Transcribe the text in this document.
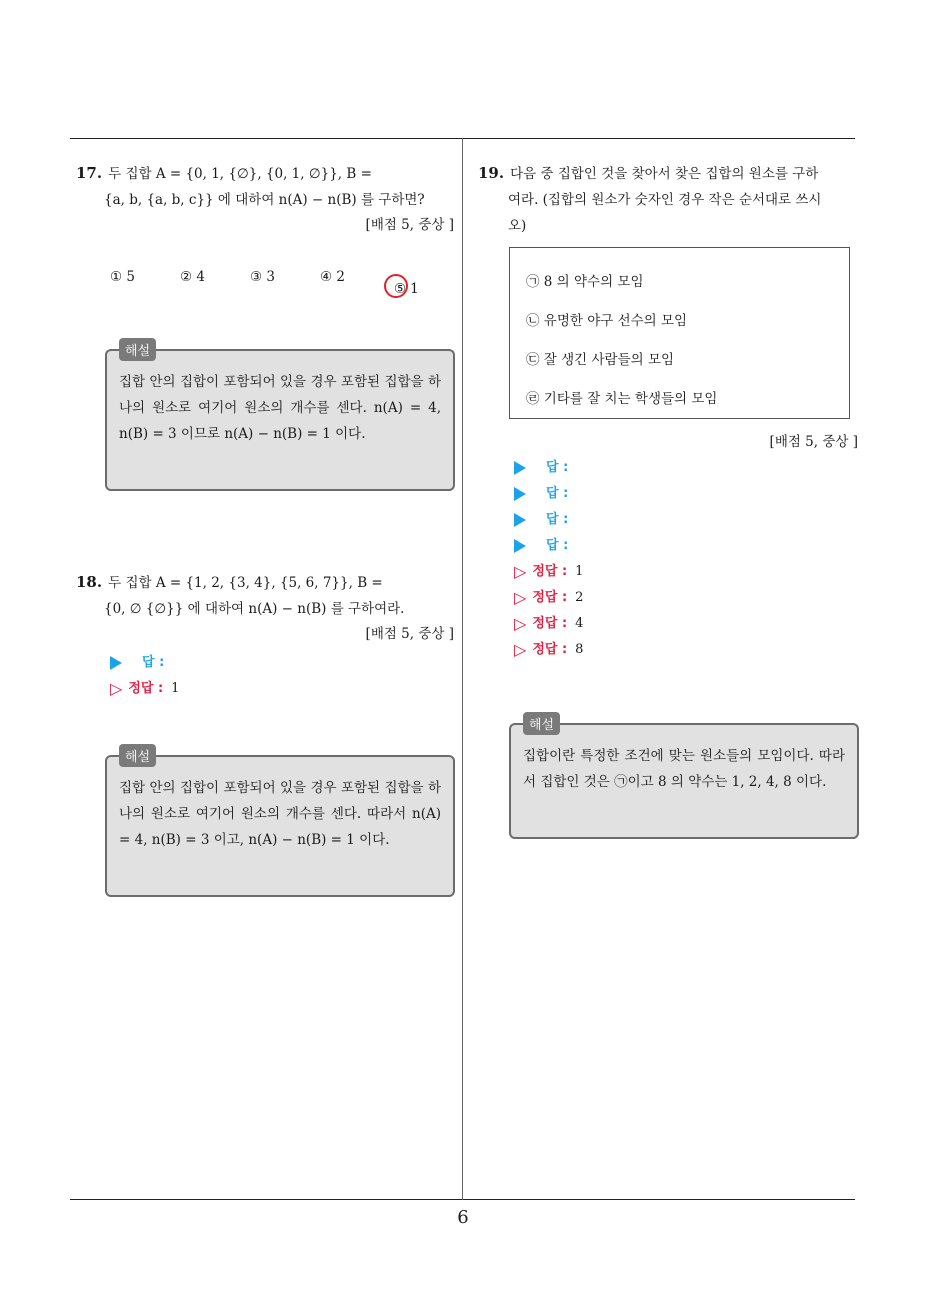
17. 두 집합 A = {0, 1, {∅}, {0, 1, ∅}}, B =
{a, b, {a, b, c}} 에 대하여 n(A) − n(B) 를 구하면?
[배점 5, 중상 ]
① 5	② 4	③ 3	④ 2
⑤ 1
해설
집합 안의 집합이 포함되어 있을 경우 포함된 집합을 하나의 원소로 여기어 원소의 개수를 센다. n(A) = 4, n(B) = 3 이므로 n(A) − n(B) = 1 이다.
18. 두 집합 A = {1, 2, {3, 4}, {5, 6, 7}}, B =
{0, ∅ {∅}} 에 대하여 n(A) − n(B) 를 구하여라.
[배점 5, 중상 ]
답 :
▷ 정답 : 1
해설
집합 안의 집합이 포함되어 있을 경우 포함된 집합을 하나의 원소로 여기어 원소의 개수를 센다. 따라서 n(A) = 4, n(B) = 3 이고, n(A) − n(B) = 1 이다.
19. 다음 중 집합인 것을 찾아서 찾은 집합의 원소를 구하
여라. (집합의 원소가 숫자인 경우 작은 순서대로 쓰시
오)
㉠ 8 의 약수의 모임
㉡ 유명한 야구 선수의 모임
㉢ 잘 생긴 사람들의 모임
㉣ 기타를 잘 치는 학생들의 모임
[배점 5, 중상 ]
답 :
답 :
답 :
답 :
▷ 정답 : 1
▷ 정답 : 2
▷ 정답 : 4
▷ 정답 : 8
해설
집합이란 특정한 조건에 맞는 원소들의 모임이다. 따라서 집합인 것은 ㉠이고 8 의 약수는 1, 2, 4, 8 이다.
6
